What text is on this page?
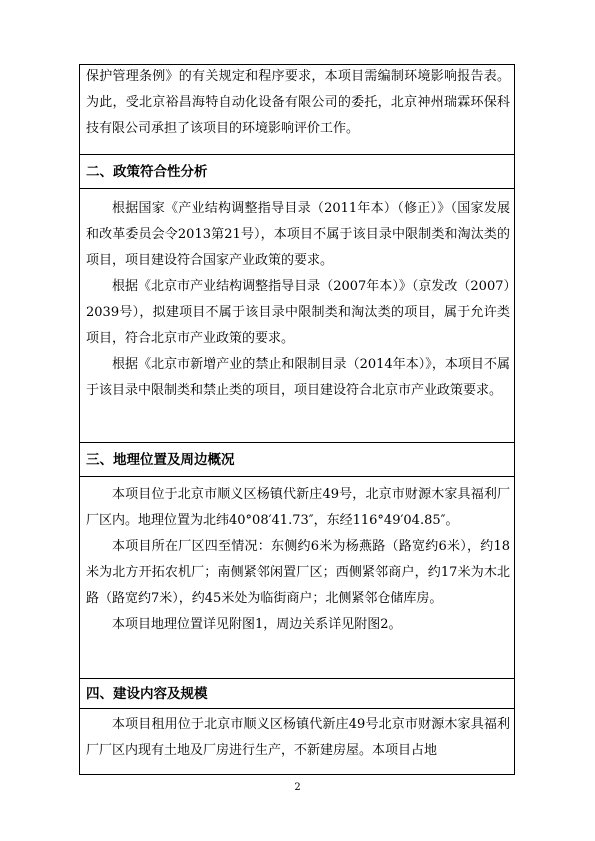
保护管理条例》的有关规定和程序要求，本项目需编制环境影响报告表。为此，受北京裕昌海特自动化设备有限公司的委托，北京神州瑞霖环保科技有限公司承担了该项目的环境影响评价工作。

二、政策符合性分析

根据国家《产业结构调整指导目录（2011年本）（修正）》（国家发展和改革委员会令2013第21号），本项目不属于该目录中限制类和淘汰类的项目，项目建设符合国家产业政策的要求。

根据《北京市产业结构调整指导目录（2007年本）》（京发改（2007）2039号），拟建项目不属于该目录中限制类和淘汰类的项目，属于允许类项目，符合北京市产业政策的要求。

根据《北京市新增产业的禁止和限制目录（2014年本）》，本项目不属于该目录中限制类和禁止类的项目，项目建设符合北京市产业政策要求。

三、地理位置及周边概况

本项目位于北京市顺义区杨镇代新庄49号，北京市财源木家具福利厂厂区内。地理位置为北纬40°08′41.73″，东经116°49′04.85″。

本项目所在厂区四至情况：东侧约6米为杨燕路（路宽约6米），约18米为北方开拓农机厂；南侧紧邻闲置厂区；西侧紧邻商户，约17米为木北路（路宽约7米），约45米处为临街商户；北侧紧邻仓储库房。

本项目地理位置详见附图1，周边关系详见附图2。

四、建设内容及规模

本项目租用位于北京市顺义区杨镇代新庄49号北京市财源木家具福利厂厂区内现有土地及厂房进行生产，不新建房屋。本项目占地

2
